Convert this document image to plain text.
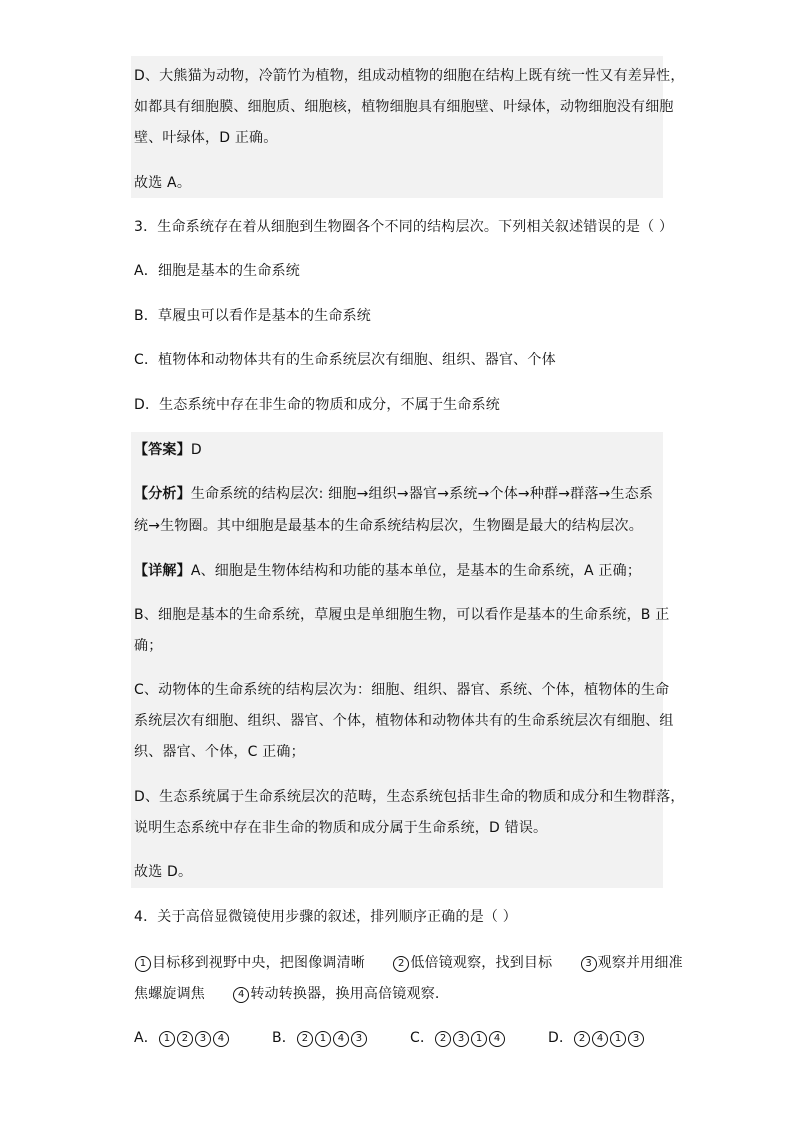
D、大熊猫为动物，冷箭竹为植物，组成动植物的细胞在结构上既有统一性又有差异性，
如都具有细胞膜、细胞质、细胞核，植物细胞具有细胞壁、叶绿体，动物细胞没有细胞
壁、叶绿体，D 正确。
故选 A。
3．生命系统存在着从细胞到生物圈各个不同的结构层次。下列相关叙述错误的是（ ）
A．细胞是基本的生命系统
B．草履虫可以看作是基本的生命系统
C．植物体和动物体共有的生命系统层次有细胞、组织、器官、个体
D．生态系统中存在非生命的物质和成分，不属于生命系统
【答案】D
【分析】生命系统的结构层次: 细胞→组织→器官→系统→个体→种群→群落→生态系
统→生物圈。其中细胞是最基本的生命系统结构层次，生物圈是最大的结构层次。
【详解】A、细胞是生物体结构和功能的基本单位，是基本的生命系统，A 正确；
B、细胞是基本的生命系统，草履虫是单细胞生物，可以看作是基本的生命系统，B 正
确；
C、动物体的生命系统的结构层次为：细胞、组织、器官、系统、个体，植物体的生命
系统层次有细胞、组织、器官、个体，植物体和动物体共有的生命系统层次有细胞、组
织、器官、个体，C 正确；
D、生态系统属于生命系统层次的范畴，生态系统包括非生命的物质和成分和生物群落，
说明生态系统中存在非生命的物质和成分属于生命系统，D 错误。
故选 D。
4．关于高倍显微镜使用步骤的叙述，排列顺序正确的是（ ）
1 目标移到视野中央，把图像调清晰	2 低倍镜观察，找到目标	3 观察并用细准
焦螺旋调焦	4 转动转换器，换用高倍镜观察.
A． 1 2 3 4	B． 2 1 4 3	C． 2 3 1 4	D． 2 4 1 3
